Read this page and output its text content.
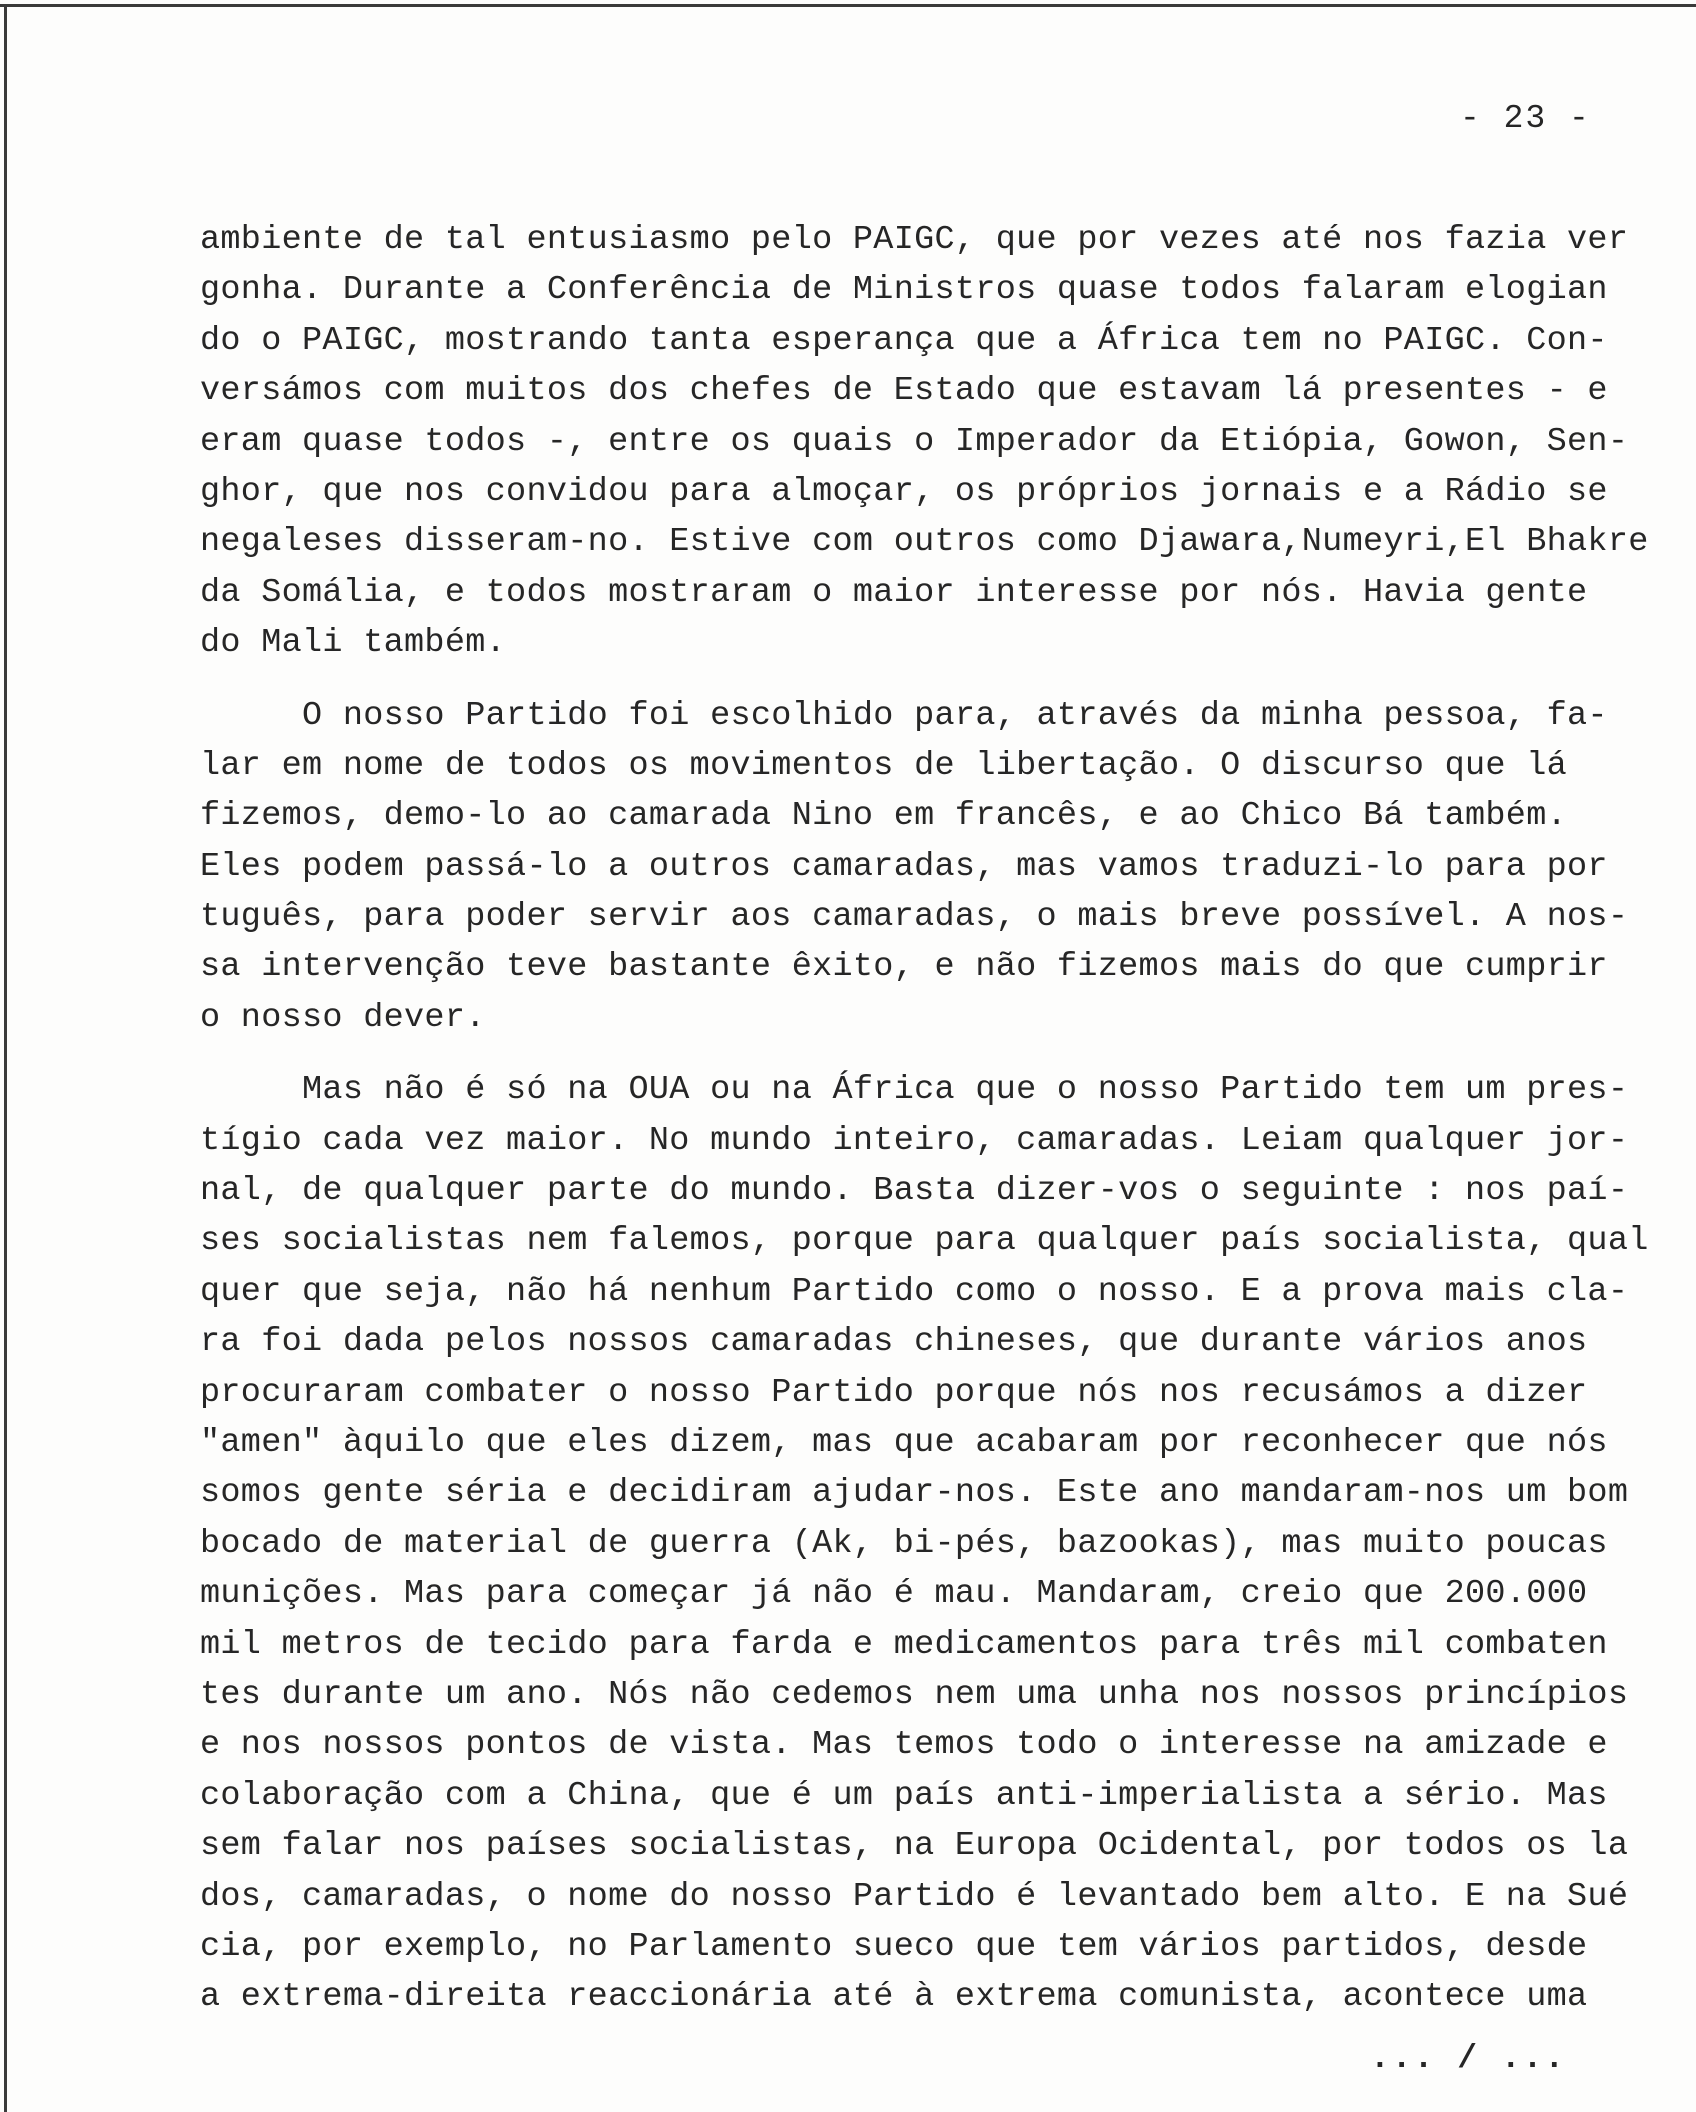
- 23 -
ambiente de tal entusiasmo pelo PAIGC, que por vezes até nos fazia ver
gonha. Durante a Conferência de Ministros quase todos falaram elogian
do o PAIGC, mostrando tanta esperança que a África tem no PAIGC. Con-
versámos com muitos dos chefes de Estado que estavam lá presentes - e
eram quase todos -, entre os quais o Imperador da Etiópia, Gowon, Sen-
ghor, que nos convidou para almoçar, os próprios jornais e a Rádio se
negaleses disseram-no. Estive com outros como Djawara,Numeyri,El Bhakre
da Somália, e todos mostraram o maior interesse por nós. Havia gente
do Mali também.
O nosso Partido foi escolhido para, através da minha pessoa, fa-
lar em nome de todos os movimentos de libertação. O discurso que lá
fizemos, demo-lo ao camarada Nino em francês, e ao Chico Bá também.
Eles podem passá-lo a outros camaradas, mas vamos traduzi-lo para por
tuguês, para poder servir aos camaradas, o mais breve possível. A nos-
sa intervenção teve bastante êxito, e não fizemos mais do que cumprir
o nosso dever.
Mas não é só na OUA ou na África que o nosso Partido tem um pres-
tígio cada vez maior. No mundo inteiro, camaradas. Leiam qualquer jor-
nal, de qualquer parte do mundo. Basta dizer-vos o seguinte : nos paí-
ses socialistas nem falemos, porque para qualquer país socialista, qual
quer que seja, não há nenhum Partido como o nosso. E a prova mais cla-
ra foi dada pelos nossos camaradas chineses, que durante vários anos
procuraram combater o nosso Partido porque nós nos recusámos a dizer
"amen" àquilo que eles dizem, mas que acabaram por reconhecer que nós
somos gente séria e decidiram ajudar-nos. Este ano mandaram-nos um bom
bocado de material de guerra (Ak, bi-pés, bazookas), mas muito poucas
munições. Mas para começar já não é mau. Mandaram, creio que 200.000
mil metros de tecido para farda e medicamentos para três mil combaten
tes durante um ano. Nós não cedemos nem uma unha nos nossos princípios
e nos nossos pontos de vista. Mas temos todo o interesse na amizade e
colaboração com a China, que é um país anti-imperialista a sério. Mas
sem falar nos países socialistas, na Europa Ocidental, por todos os la
dos, camaradas, o nome do nosso Partido é levantado bem alto. E na Sué
cia, por exemplo, no Parlamento sueco que tem vários partidos, desde
a extrema-direita reaccionária até à extrema comunista, acontece uma
... / ...
